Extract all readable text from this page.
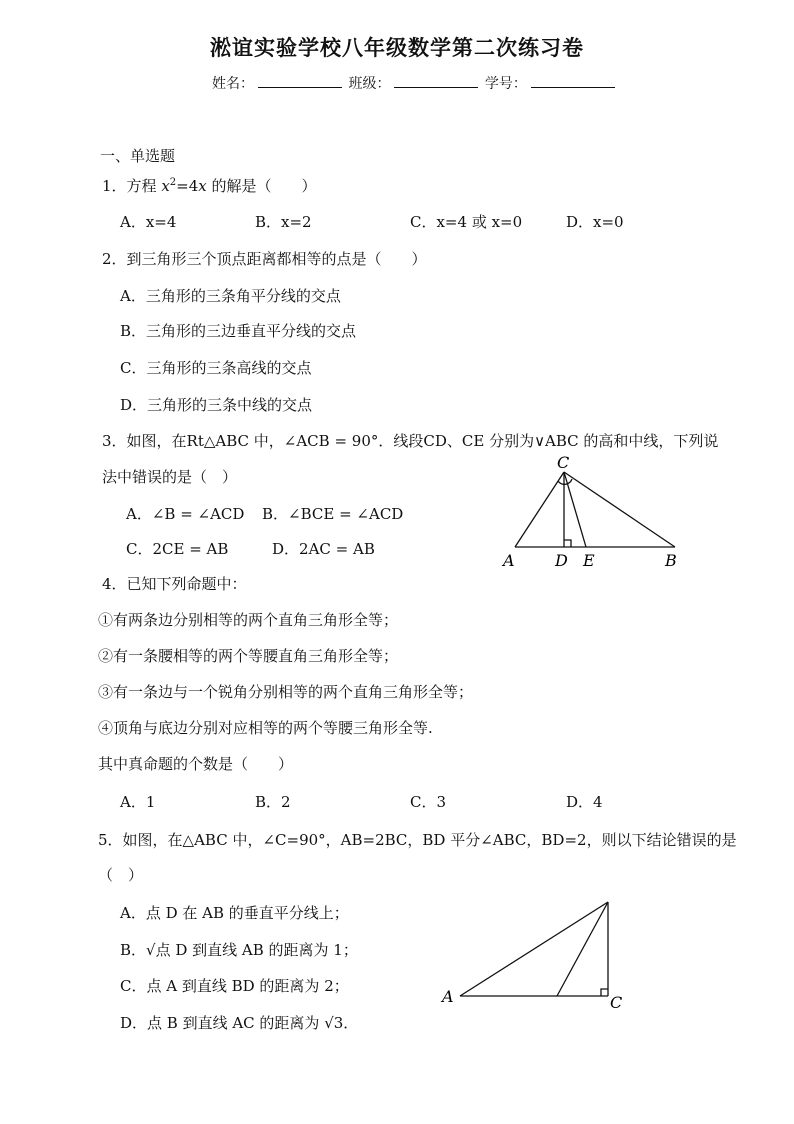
淞谊实验学校八年级数学第二次练习卷
姓名：	班级：	学号：
一、单选题
1．方程 $x^2=4x$ 的解是（　　）
A．x=4	B．x=2	C．x=4 或 x=0	D．x=0
2．到三角形三个顶点距离都相等的点是（　　）
A．三角形的三条角平分线的交点
B．三角形的三边垂直平分线的交点
C．三角形的三条高线的交点
D．三角形的三条中线的交点
3．如图，在Rt△ABC 中，∠ACB = 90°．线段CD、CE 分别为∨ABC 的高和中线，下列说
法中错误的是（　）
A．∠B = ∠ACD B．∠BCE = ∠ACD
C．2CE = AB	D．2AC = AB
C
A	D E	B
4．已知下列命题中：
①有两条边分别相等的两个直角三角形全等；
②有一条腰相等的两个等腰直角三角形全等；
③有一条边与一个锐角分别相等的两个直角三角形全等；
④顶角与底边分别对应相等的两个等腰三角形全等.
其中真命题的个数是（　　）
A．1	B．2	C．3	D．4
5．如图，在△ABC 中，∠C=90°，AB=2BC，BD 平分∠ABC，BD=2，则以下结论错误的是
（　）
A．点 D 在 AB 的垂直平分线上；
B．√点 D 到直线 AB 的距离为 1；
C．点 A 到直线 BD 的距离为 2；
D．点 B 到直线 AC 的距离为 √3．
A	C
